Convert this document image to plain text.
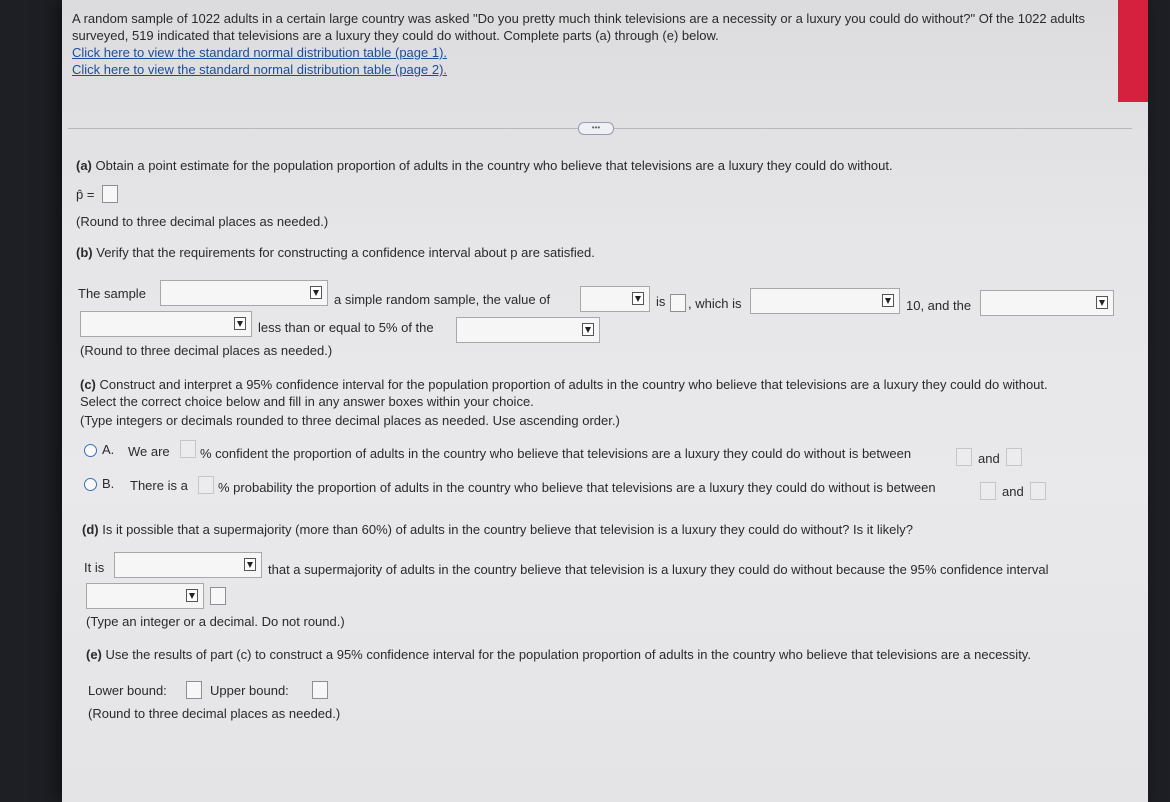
A random sample of 1022 adults in a certain large country was asked "Do you pretty much think televisions are a necessity or a luxury you could do without?" Of the 1022 adults surveyed, 519 indicated that televisions are a luxury they could do without. Complete parts (a) through (e) below.
Click here to view the standard normal distribution table (page 1).
Click here to view the standard normal distribution table (page 2).
•••
(a) Obtain a point estimate for the population proportion of adults in the country who believe that televisions are a luxury they could do without.
p̂ =
(Round to three decimal places as needed.)
(b) Verify that the requirements for constructing a confidence interval about p are satisfied.
The sample	a simple random sample, the value of	is , which is	10, and the
less than or equal to 5% of the
(Round to three decimal places as needed.)
(c) Construct and interpret a 95% confidence interval for the population proportion of adults in the country who believe that televisions are a luxury they could do without.
Select the correct choice below and fill in any answer boxes within your choice.
(Type integers or decimals rounded to three decimal places as needed. Use ascending order.)
A. We are % confident the proportion of adults in the country who believe that televisions are a luxury they could do without is between	and
B. There is a % probability the proportion of adults in the country who believe that televisions are a luxury they could do without is between	and
(d) Is it possible that a supermajority (more than 60%) of adults in the country believe that television is a luxury they could do without? Is it likely?
It is	that a supermajority of adults in the country believe that television is a luxury they could do without because the 95% confidence interval
(Type an integer or a decimal. Do not round.)
(e) Use the results of part (c) to construct a 95% confidence interval for the population proportion of adults in the country who believe that televisions are a necessity.
Lower bound:	Upper bound:
(Round to three decimal places as needed.)
